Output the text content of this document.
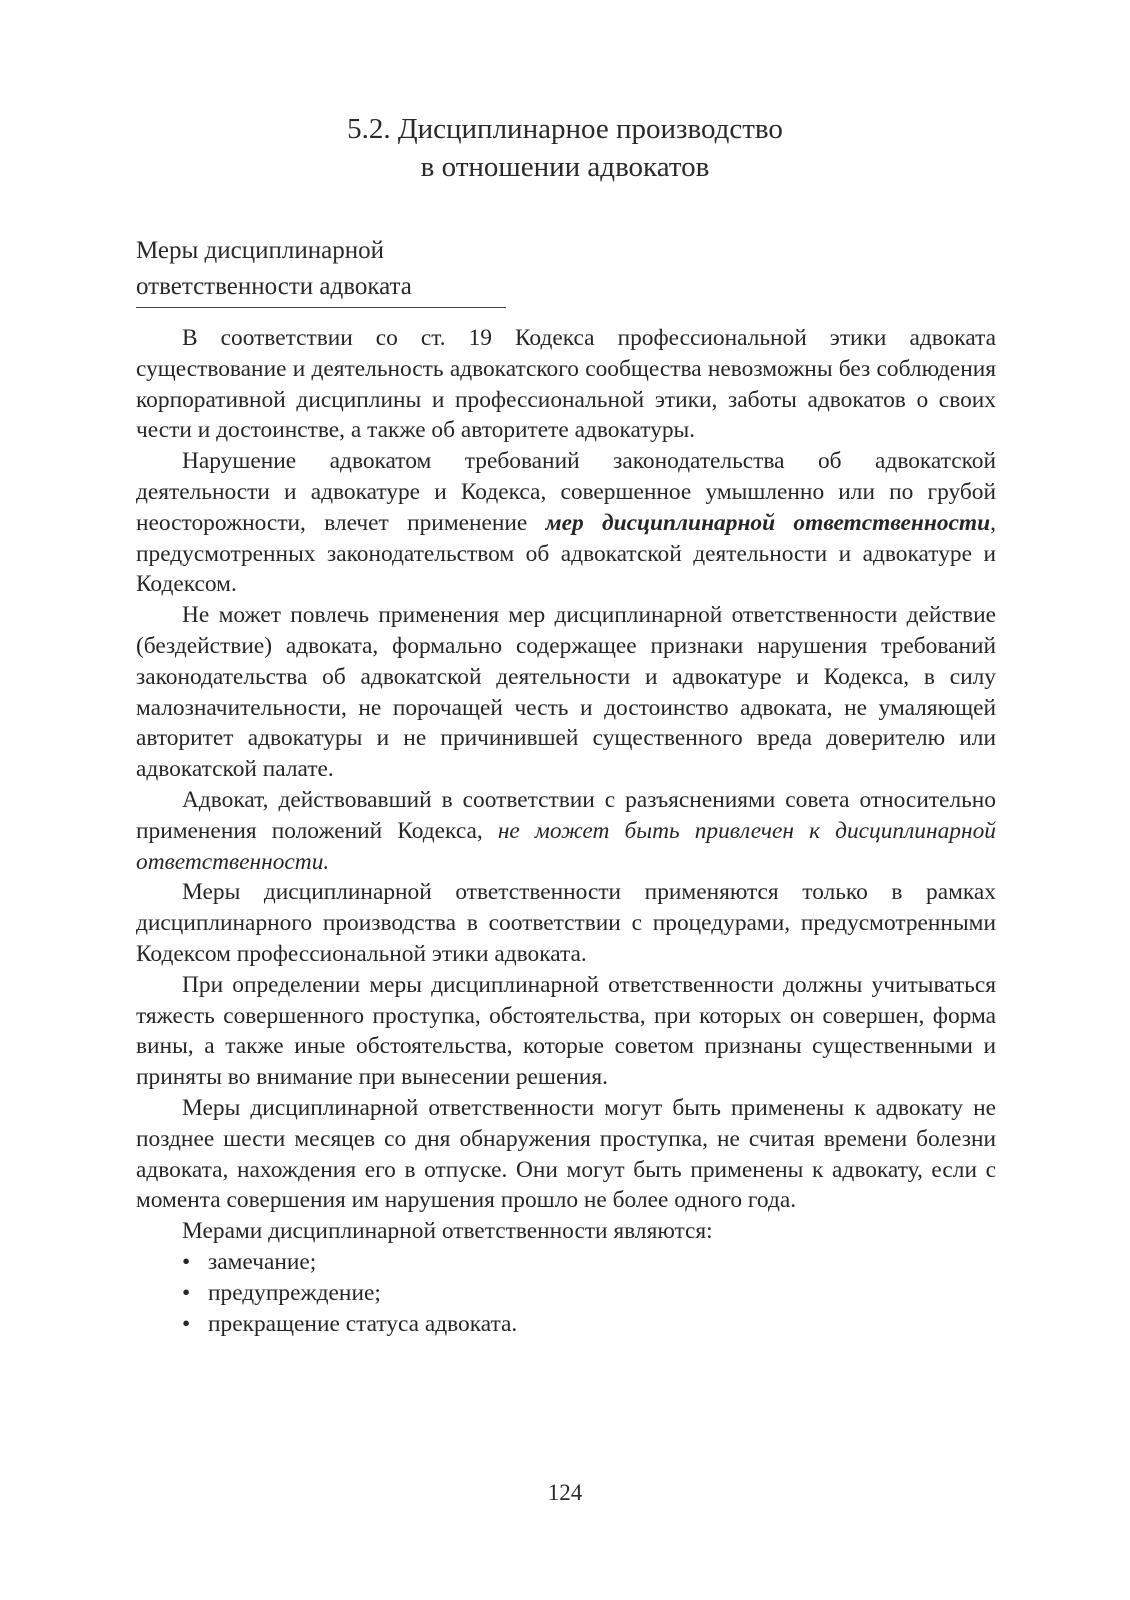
5.2. Дисциплинарное производство
в отношении адвокатов
Меры дисциплинарной
ответственности адвоката

В соответствии со ст. 19 Кодекса профессиональной этики адвоката существование и деятельность адвокатского сообщества невозможны без соблюдения корпоративной дисциплины и профессиональной этики, заботы адвокатов о своих чести и достоинстве, а также об авторитете адвокатуры.

Нарушение адвокатом требований законодательства об адвокатской деятельности и адвокатуре и Кодекса, совершенное умышленно или по грубой неосторожности, влечет применение мер дисциплинарной ответственности, предусмотренных законодательством об адвокатской деятельности и адвокатуре и Кодексом.

Не может повлечь применения мер дисциплинарной ответственности действие (бездействие) адвоката, формально содержащее признаки нарушения требований законодательства об адвокатской деятельности и адвокатуре и Кодекса, в силу малозначительности, не порочащей честь и достоинство адвоката, не умаляющей авторитет адвокатуры и не причинившей существенного вреда доверителю или адвокатской палате.

Адвокат, действовавший в соответствии с разъяснениями совета относительно применения положений Кодекса, не может быть привлечен к дисциплинарной ответственности.

Меры дисциплинарной ответственности применяются только в рамках дисциплинарного производства в соответствии с процедурами, предусмотренными Кодексом профессиональной этики адвоката.

При определении меры дисциплинарной ответственности должны учитываться тяжесть совершенного проступка, обстоятельства, при которых он совершен, форма вины, а также иные обстоятельства, которые советом признаны существенными и приняты во внимание при вынесении решения.

Меры дисциплинарной ответственности могут быть применены к адвокату не позднее шести месяцев со дня обнаружения проступка, не считая времени болезни адвоката, нахождения его в отпуске. Они могут быть применены к адвокату, если с момента совершения им нарушения прошло не более одного года.

Мерами дисциплинарной ответственности являются:

• замечание;
• предупреждение;
• прекращение статуса адвоката.
124
